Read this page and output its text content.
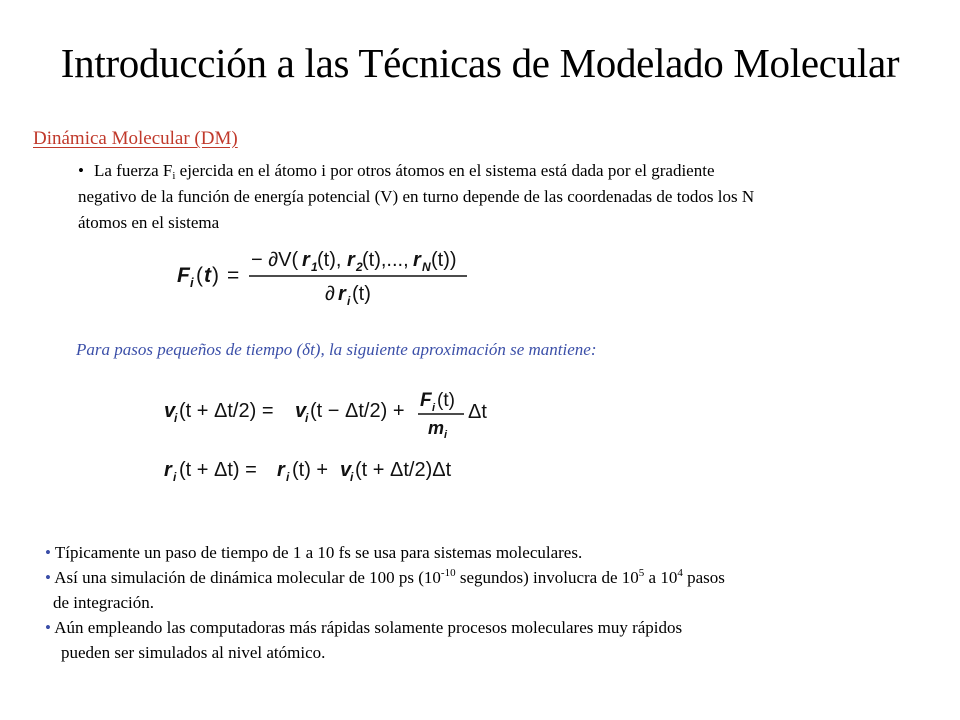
Introducción a las Técnicas de Modelado Molecular
Dinámica Molecular (DM)
• La fuerza $F_i$ ejercida en el átomo i por otros átomos en el sistema está dada por el gradiente
negativo de la función de energía potencial (V) en turno depende de las coordenadas de todos los N
átomos en el sistema
F i ( t ) =
− ∂V( r 1 (t), r 2 (t),..., r N (t))
∂ r i (t)
Para pasos pequeños de tiempo (δt), la siguiente aproximación se mantiene:
v
i (t + Δt/2) = v
i (t − Δt/2) + F i (t)
m i
Δt
r i (t + Δt) = r i (t) + v
i (t + Δt/2)Δt
• Típicamente un paso de tiempo de 1 a 10 fs se usa para sistemas moleculares.
• Así una simulación de dinámica molecular de 100 ps ($10^{-10}$ segundos) involucra de $10^5$ a $10^4$ pasos
de integración.
• Aún empleando las computadoras más rápidas solamente procesos moleculares muy rápidos
pueden ser simulados al nivel atómico.
